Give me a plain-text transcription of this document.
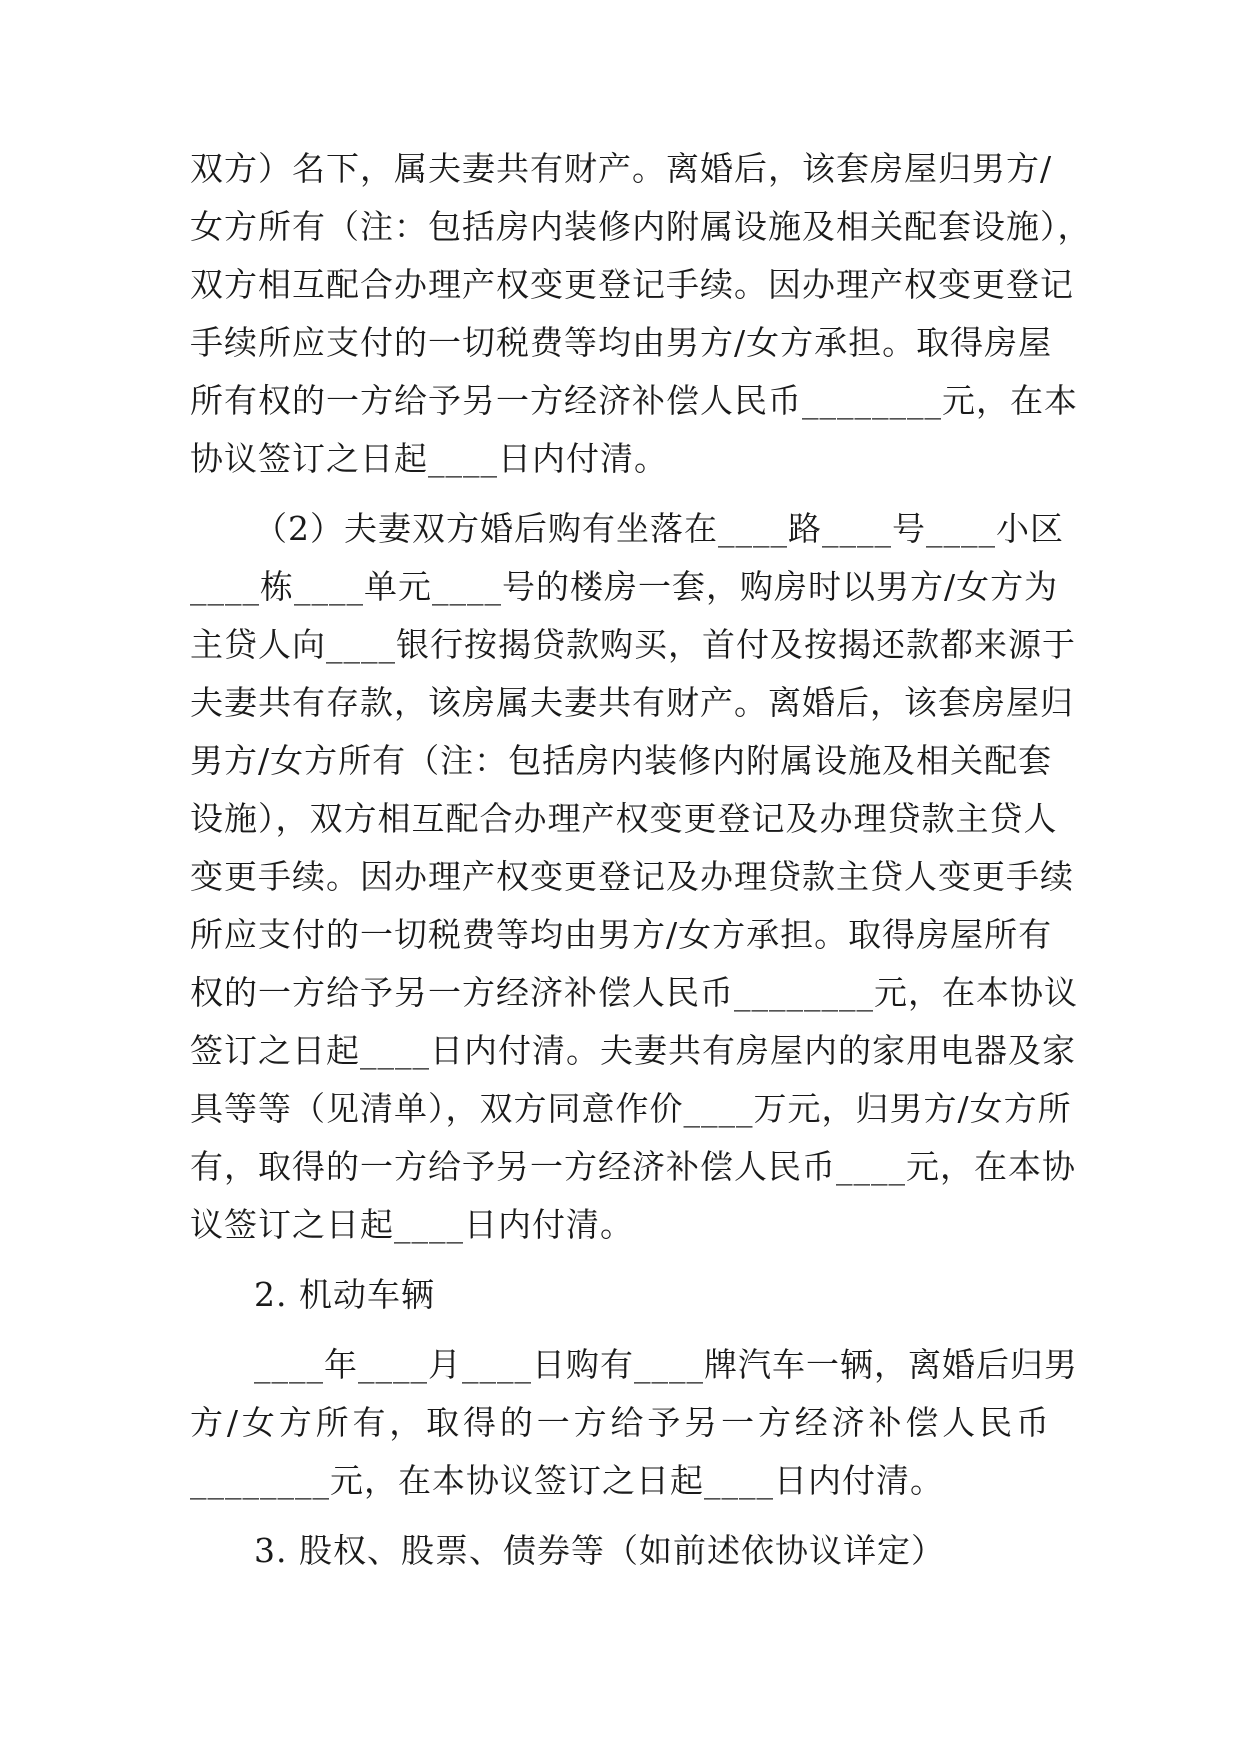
双方）名下，属夫妻共有财产。离婚后，该套房屋归男方/
女方所有（注：包括房内装修内附属设施及相关配套设施），
双方相互配合办理产权变更登记手续。因办理产权变更登记
手续所应支付的一切税费等均由男方/女方承担。取得房屋
所有权的一方给予另一方经济补偿人民币________元，在本
协议签订之日起____日内付清。
（2）夫妻双方婚后购有坐落在____路____号____小区
____栋____单元____号的楼房一套，购房时以男方/女方为
主贷人向____银行按揭贷款购买，首付及按揭还款都来源于
夫妻共有存款，该房属夫妻共有财产。离婚后，该套房屋归
男方/女方所有（注：包括房内装修内附属设施及相关配套
设施），双方相互配合办理产权变更登记及办理贷款主贷人
变更手续。因办理产权变更登记及办理贷款主贷人变更手续
所应支付的一切税费等均由男方/女方承担。取得房屋所有
权的一方给予另一方经济补偿人民币________元，在本协议
签订之日起____日内付清。夫妻共有房屋内的家用电器及家
具等等（见清单），双方同意作价____万元，归男方/女方所
有，取得的一方给予另一方经济补偿人民币____元，在本协
议签订之日起____日内付清。
2. 机动车辆
____年____月____日购有____牌汽车一辆，离婚后归男
方/女方所有，取得的一方给予另一方经济补偿人民币
________元，在本协议签订之日起____日内付清。
3. 股权、股票、债券等（如前述依协议详定）
